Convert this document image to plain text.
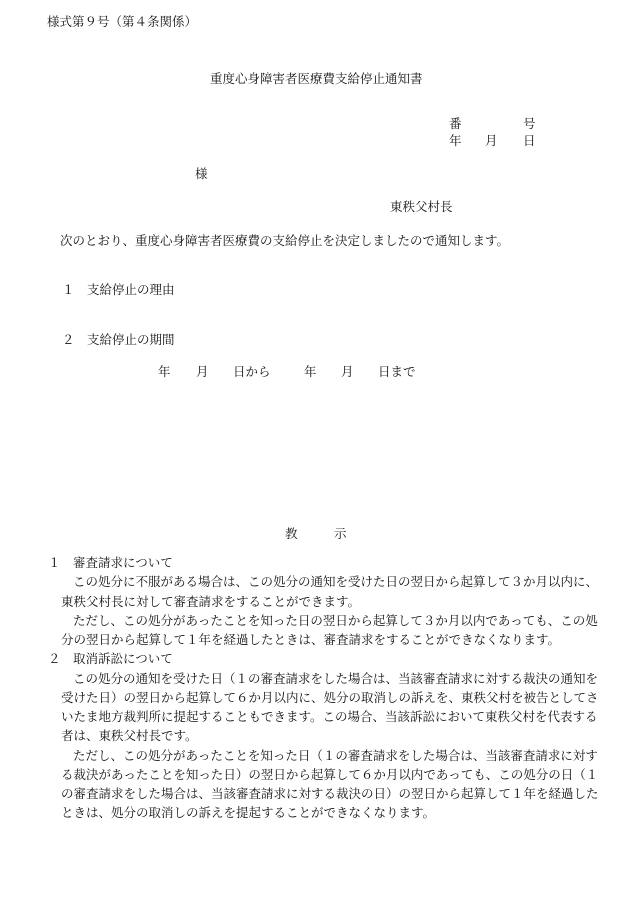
様式第９号（第４条関係）
重度心身障害者医療費支給停止通知書
番	号
年 月 日
様
東秩父村長
次のとおり、重度心身障害者医療費の支給停止を決定しましたので通知します。
１　支給停止の理由
２　支給停止の期間
年 月 日から	年 月 日まで
教	示
１　審査請求について
この処分に不服がある場合は、この処分の通知を受けた日の翌日から起算して３か月以内に、
東秩父村長に対して審査請求をすることができます。
ただし、この処分があったことを知った日の翌日から起算して３か月以内であっても、この処
分の翌日から起算して１年を経過したときは、審査請求をすることができなくなります。
２　取消訴訟について
この処分の通知を受けた日（１の審査請求をした場合は、当該審査請求に対する裁決の通知を
受けた日）の翌日から起算して６か月以内に、処分の取消しの訴えを、東秩父村を被告としてさ
いたま地方裁判所に提起することもできます。この場合、当該訴訟において東秩父村を代表する
者は、東秩父村長です。
ただし、この処分があったことを知った日（１の審査請求をした場合は、当該審査請求に対す
る裁決があったことを知った日）の翌日から起算して６か月以内であっても、この処分の日（１
の審査請求をした場合は、当該審査請求に対する裁決の日）の翌日から起算して１年を経過した
ときは、処分の取消しの訴えを提起することができなくなります。
